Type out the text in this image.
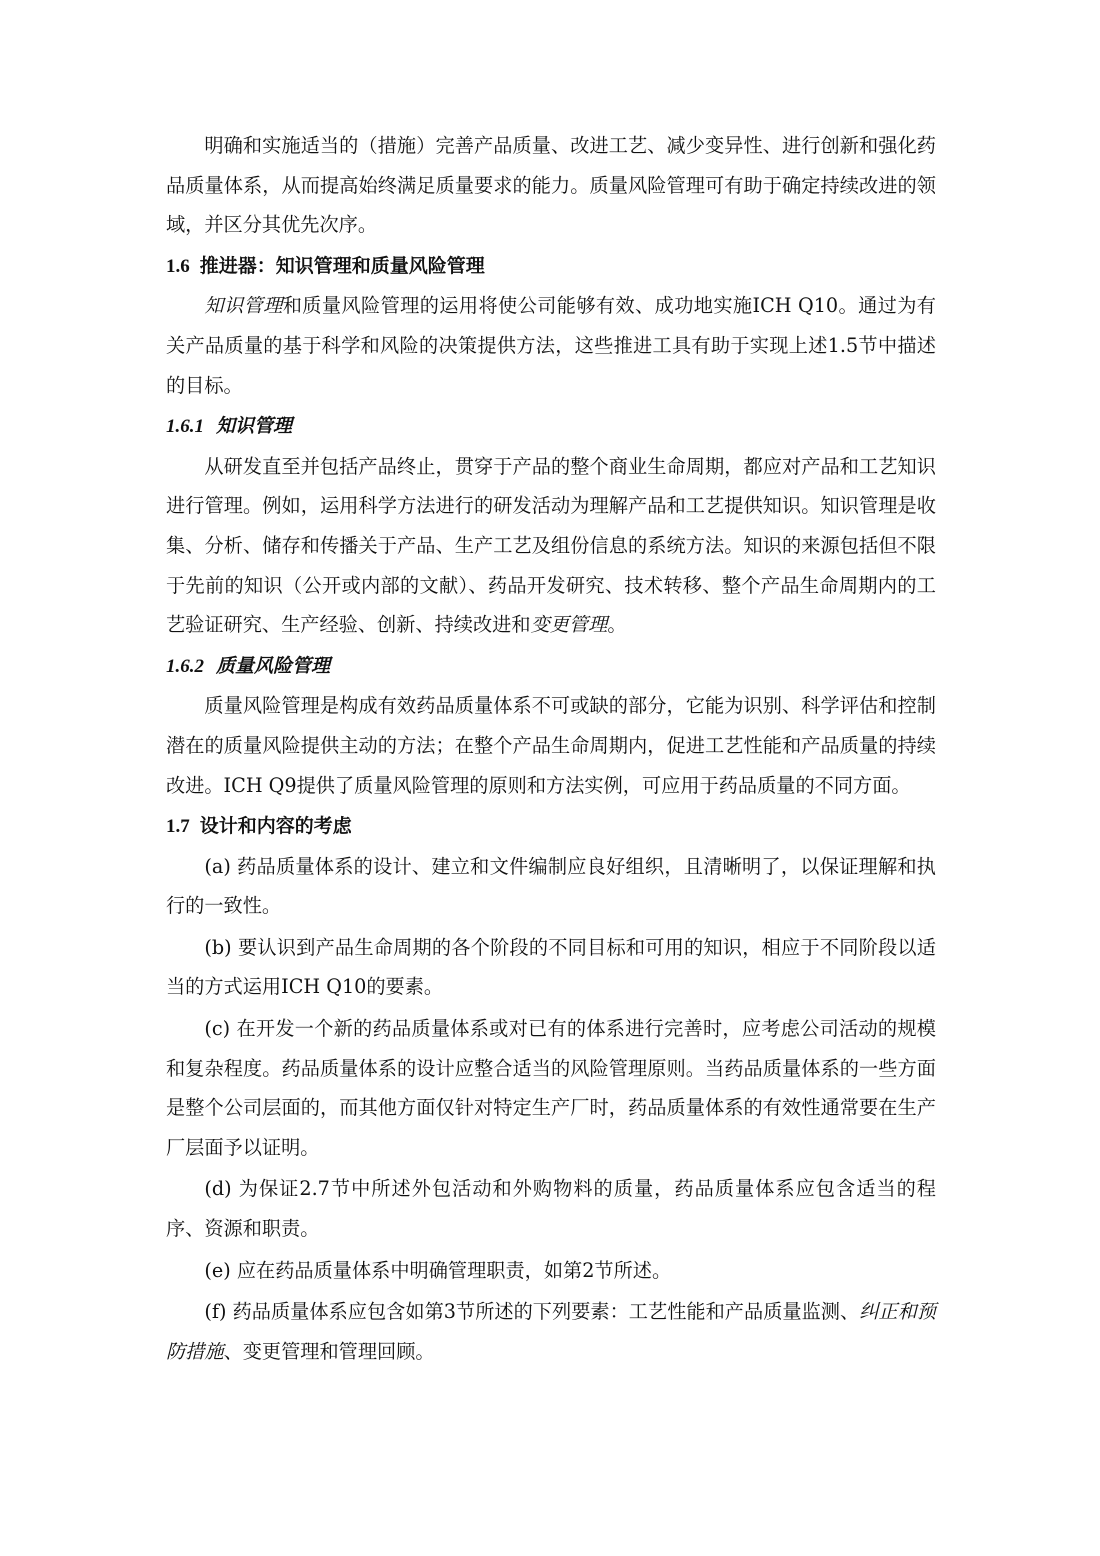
明确和实施适当的（措施）完善产品质量、改进工艺、减少变异性、进行创新和强化药品质量体系，从而提高始终满足质量要求的能力。质量风险管理可有助于确定持续改进的领域，并区分其优先次序。

1.6 推进器：知识管理和质量风险管理

知识管理和质量风险管理的运用将使公司能够有效、成功地实施ICH Q10。通过为有关产品质量的基于科学和风险的决策提供方法，这些推进工具有助于实现上述1.5节中描述的目标。

1.6.1 知识管理

从研发直至并包括产品终止，贯穿于产品的整个商业生命周期，都应对产品和工艺知识进行管理。例如，运用科学方法进行的研发活动为理解产品和工艺提供知识。知识管理是收集、分析、储存和传播关于产品、生产工艺及组份信息的系统方法。知识的来源包括但不限于先前的知识（公开或内部的文献）、药品开发研究、技术转移、整个产品生命周期内的工艺验证研究、生产经验、创新、持续改进和变更管理。

1.6.2 质量风险管理

质量风险管理是构成有效药品质量体系不可或缺的部分，它能为识别、科学评估和控制潜在的质量风险提供主动的方法；在整个产品生命周期内，促进工艺性能和产品质量的持续改进。ICH Q9提供了质量风险管理的原则和方法实例，可应用于药品质量的不同方面。

1.7 设计和内容的考虑

(a) 药品质量体系的设计、建立和文件编制应良好组织，且清晰明了，以保证理解和执行的一致性。

(b) 要认识到产品生命周期的各个阶段的不同目标和可用的知识，相应于不同阶段以适当的方式运用ICH Q10的要素。

(c) 在开发一个新的药品质量体系或对已有的体系进行完善时，应考虑公司活动的规模和复杂程度。药品质量体系的设计应整合适当的风险管理原则。当药品质量体系的一些方面是整个公司层面的，而其他方面仅针对特定生产厂时，药品质量体系的有效性通常要在生产厂层面予以证明。

(d) 为保证2.7节中所述外包活动和外购物料的质量，药品质量体系应包含适当的程序、资源和职责。

(e) 应在药品质量体系中明确管理职责，如第2节所述。

(f) 药品质量体系应包含如第3节所述的下列要素：工艺性能和产品质量监测、纠正和预防措施、变更管理和管理回顾。
